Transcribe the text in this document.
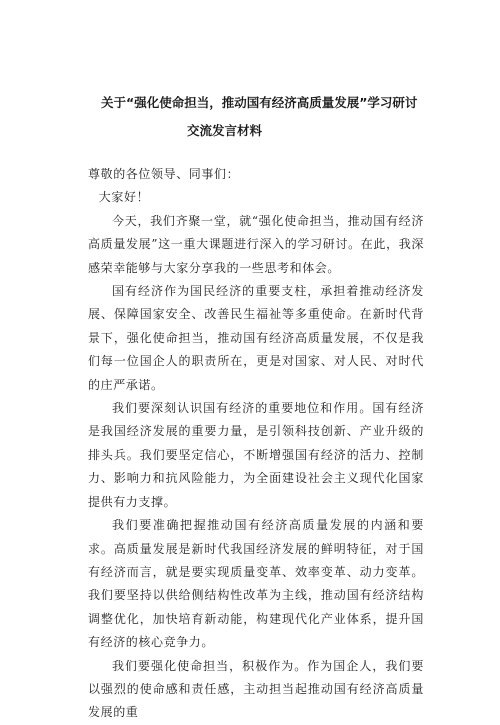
关于“强化使命担当，推动国有经济高质量发展”学习研讨
交流发言材料

尊敬的各位领导、同事们：

大家好！

今天，我们齐聚一堂，就“强化使命担当，推动国有经济高质量发展”这一重大课题进行深入的学习研讨。在此，我深感荣幸能够与大家分享我的一些思考和体会。

国有经济作为国民经济的重要支柱，承担着推动经济发展、保障国家安全、改善民生福祉等多重使命。在新时代背景下，强化使命担当，推动国有经济高质量发展，不仅是我们每一位国企人的职责所在，更是对国家、对人民、对时代的庄严承诺。

我们要深刻认识国有经济的重要地位和作用。国有经济是我国经济发展的重要力量，是引领科技创新、产业升级的排头兵。我们要坚定信心，不断增强国有经济的活力、控制力、影响力和抗风险能力，为全面建设社会主义现代化国家提供有力支撑。

我们要准确把握推动国有经济高质量发展的内涵和要求。高质量发展是新时代我国经济发展的鲜明特征，对于国有经济而言，就是要实现质量变革、效率变革、动力变革。我们要坚持以供给侧结构性改革为主线，推动国有经济结构调整优化，加快培育新动能，构建现代化产业体系，提升国有经济的核心竞争力。

我们要强化使命担当，积极作为。作为国企人，我们要以强烈的使命感和责任感，主动担当起推动国有经济高质量发展的重
